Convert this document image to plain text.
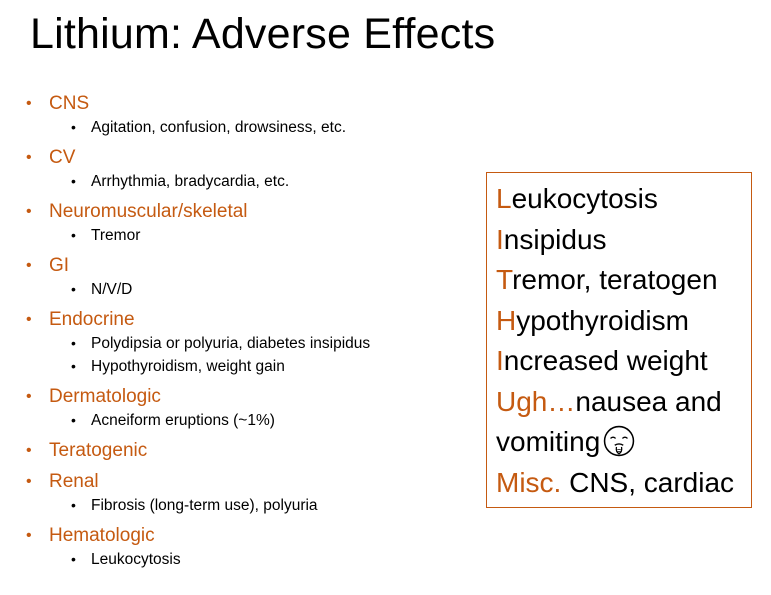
Lithium: Adverse Effects
• CNS
• Agitation, confusion, drowsiness, etc.
• CV
• Arrhythmia, bradycardia, etc.
• Neuromuscular/skeletal
• Tremor
• GI
• N/V/D
• Endocrine
• Polydipsia or polyuria, diabetes insipidus
• Hypothyroidism, weight gain
• Dermatologic
• Acneiform eruptions (~1%)
• Teratogenic
• Renal
• Fibrosis (long-term use), polyuria
• Hematologic
• Leukocytosis
Leukocytosis
Insipidus
Tremor, teratogen
Hypothyroidism
Increased weight
Ugh…nausea and
vomiting
Misc. CNS, cardiac
